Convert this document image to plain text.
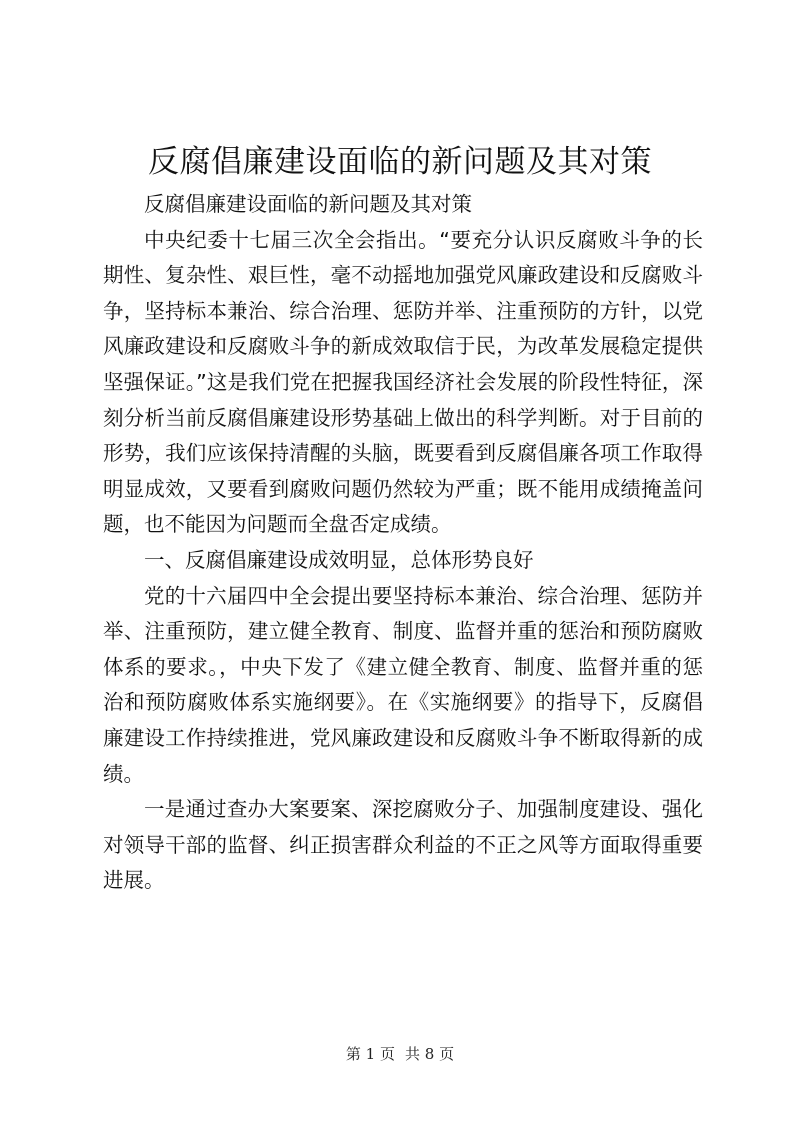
反腐倡廉建设面临的新问题及其对策

反腐倡廉建设面临的新问题及其对策

中央纪委十七届三次全会指出。“要充分认识反腐败斗争的长期性、复杂性、艰巨性，毫不动摇地加强党风廉政建设和反腐败斗争，坚持标本兼治、综合治理、惩防并举、注重预防的方针，以党风廉政建设和反腐败斗争的新成效取信于民，为改革发展稳定提供坚强保证。”这是我们党在把握我国经济社会发展的阶段性特征，深刻分析当前反腐倡廉建设形势基础上做出的科学判断。对于目前的形势，我们应该保持清醒的头脑，既要看到反腐倡廉各项工作取得明显成效，又要看到腐败问题仍然较为严重；既不能用成绩掩盖问题，也不能因为问题而全盘否定成绩。

一、反腐倡廉建设成效明显，总体形势良好

党的十六届四中全会提出要坚持标本兼治、综合治理、惩防并举、注重预防，建立健全教育、制度、监督并重的惩治和预防腐败体系的要求。，中央下发了《建立健全教育、制度、监督并重的惩治和预防腐败体系实施纲要》。在《实施纲要》的指导下，反腐倡廉建设工作持续推进，党风廉政建设和反腐败斗争不断取得新的成绩。

一是通过查办大案要案、深挖腐败分子、加强制度建设、强化对领导干部的监督、纠正损害群众利益的不正之风等方面取得重要进展。

第 1 页 共 8 页
